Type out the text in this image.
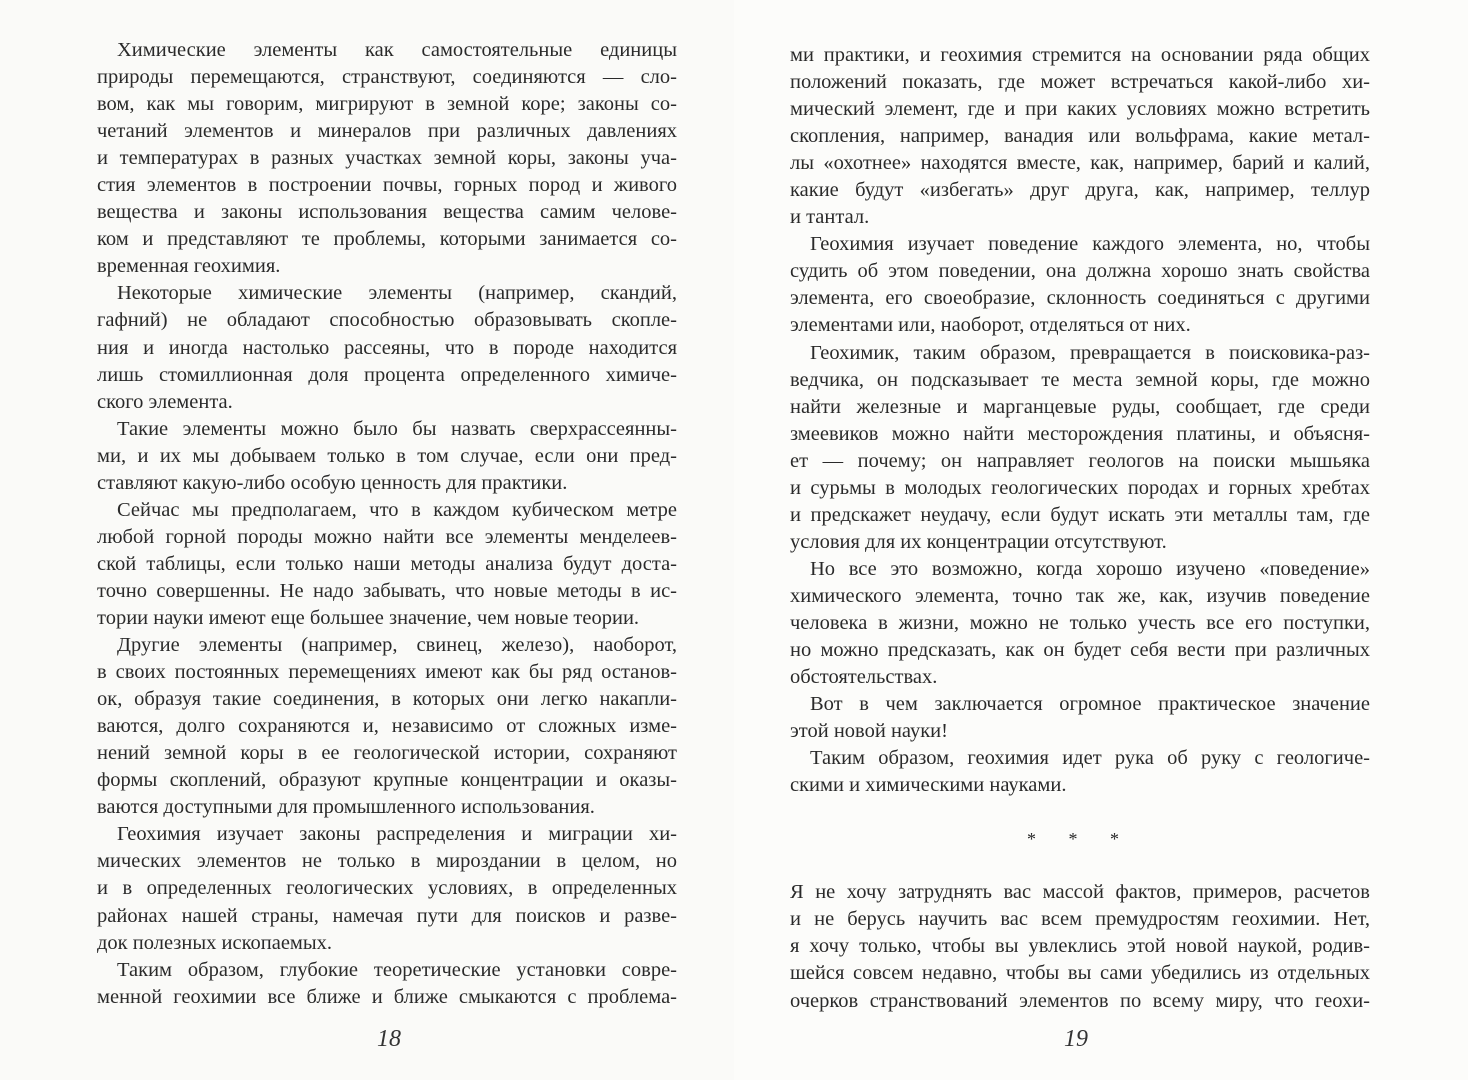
Химические элементы как самостоятельные единицы
природы перемещаются, странствуют, соединяются — сло-
вом, как мы говорим, мигрируют в земной коре; законы со-
четаний элементов и минералов при различных давлениях
и температурах в разных участках земной коры, законы уча-
стия элементов в построении почвы, горных пород и живого
вещества и законы использования вещества самим челове-
ком и представляют те проблемы, которыми занимается со-
временная геохимия.
Некоторые химические элементы (например, скандий,
гафний) не обладают способностью образовывать скопле-
ния и иногда настолько рассеяны, что в породе находится
лишь стомиллионная доля процента определенного химиче-
ского элемента.
Такие элементы можно было бы назвать сверхрассеянны-
ми, и их мы добываем только в том случае, если они пред-
ставляют какую-либо особую ценность для практики.
Сейчас мы предполагаем, что в каждом кубическом метре
любой горной породы можно найти все элементы менделеев-
ской таблицы, если только наши методы анализа будут доста-
точно совершенны. Не надо забывать, что новые методы в ис-
тории науки имеют еще большее значение, чем новые теории.
Другие элементы (например, свинец, железо), наоборот,
в своих постоянных перемещениях имеют как бы ряд останов-
ок, образуя такие соединения, в которых они легко накапли-
ваются, долго сохраняются и, независимо от сложных изме-
нений земной коры в ее геологической истории, сохраняют
формы скоплений, образуют крупные концентрации и оказы-
ваются доступными для промышленного использования.
Геохимия изучает законы распределения и миграции хи-
мических элементов не только в мироздании в целом, но
и в определенных геологических условиях, в определенных
районах нашей страны, намечая пути для поисков и разве-
док полезных ископаемых.
Таким образом, глубокие теоретические установки совре-
менной геохимии все ближе и ближе смыкаются с проблема-
18
ми практики, и геохимия стремится на основании ряда общих
положений показать, где может встречаться какой-либо хи-
мический элемент, где и при каких условиях можно встретить
скопления, например, ванадия или вольфрама, какие метал-
лы «охотнее» находятся вместе, как, например, барий и калий,
какие будут «избегать» друг друга, как, например, теллур
и тантал.
Геохимия изучает поведение каждого элемента, но, чтобы
судить об этом поведении, она должна хорошо знать свойства
элемента, его своеобразие, склонность соединяться с другими
элементами или, наоборот, отделяться от них.
Геохимик, таким образом, превращается в поисковика-раз-
ведчика, он подсказывает те места земной коры, где можно
найти железные и марганцевые руды, сообщает, где среди
змеевиков можно найти месторождения платины, и объясня-
ет — почему; он направляет геологов на поиски мышьяка
и сурьмы в молодых геологических породах и горных хребтах
и предскажет неудачу, если будут искать эти металлы там, где
условия для их концентрации отсутствуют.
Но все это возможно, когда хорошо изучено «поведение»
химического элемента, точно так же, как, изучив поведение
человека в жизни, можно не только учесть все его поступки,
но можно предсказать, как он будет себя вести при различных
обстоятельствах.
Вот в чем заключается огромное практическое значение
этой новой науки!
Таким образом, геохимия идет рука об руку с геологиче-
скими и химическими науками.
* * *
Я не хочу затруднять вас массой фактов, примеров, расчетов
и не берусь научить вас всем премудростям геохимии. Нет,
я хочу только, чтобы вы увлеклись этой новой наукой, родив-
шейся совсем недавно, чтобы вы сами убедились из отдельных
очерков странствований элементов по всему миру, что геохи-
19
